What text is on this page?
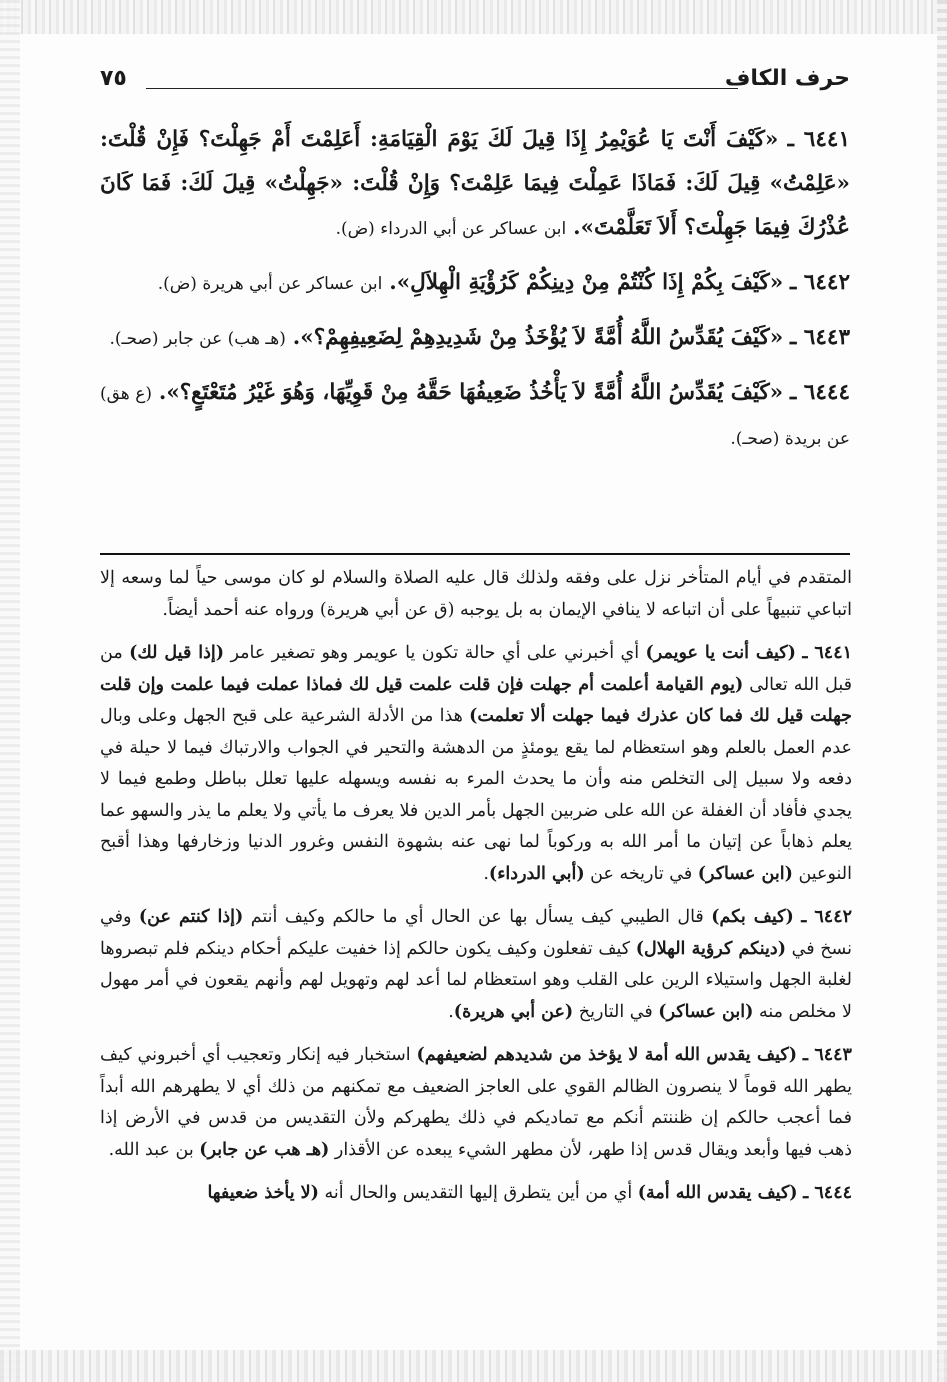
حرف الكاف
٧٥

٦٤٤١ ـ «كَيْفَ أَنْتَ يَا عُوَيْمِرُ إِذَا قِيلَ لَكَ يَوْمَ الْقِيَامَةِ: أَعَلِمْتَ أَمْ جَهِلْتَ؟ فَإِنْ قُلْتَ: «عَلِمْتُ» قِيلَ لَكَ: فَمَاذَا عَمِلْتَ فِيمَا عَلِمْتَ؟ وَإِنْ قُلْتَ: «جَهِلْتُ» قِيلَ لَكَ: فَمَا كَانَ عُذْرُكَ فِيمَا جَهِلْتَ؟ أَلاَ تَعَلَّمْتَ». ابن عساكر عن أبي الدرداء (ض).

٦٤٤٢ ـ «كَيْفَ بِكُمْ إِذَا كُنْتُمْ مِنْ دِينِكُمْ كَرُؤْيَةِ الْهِلاَلِ». ابن عساكر عن أبي هريرة (ض).

٦٤٤٣ ـ «كَيْفَ يُقَدِّسُ اللَّهُ أُمَّةً لاَ يُؤْخَذُ مِنْ شَدِيدِهِمْ لِضَعِيفِهِمْ؟». (هـ هب) عن جابر (صحـ).

٦٤٤٤ ـ «كَيْفَ يُقَدِّسُ اللَّهُ أُمَّةً لاَ يَأْخُذُ ضَعِيفُهَا حَقَّهُ مِنْ قَوِيِّهَا، وَهُوَ غَيْرُ مُتَعْتَعٍ؟». (ع هق) عن بريدة (صحـ).

المتقدم في أيام المتأخر نزل على وفقه ولذلك قال عليه الصلاة والسلام لو كان موسى حياً لما وسعه إلا اتباعي تنبيهاً على أن اتباعه لا ينافي الإيمان به بل يوجبه (ق عن أبي هريرة) ورواه عنه أحمد أيضاً.

٦٤٤١ ـ (كيف أنت يا عويمر) أي أخبرني على أي حالة تكون يا عويمر وهو تصغير عامر (إذا قيل لك) من قبل الله تعالى (يوم القيامة أعلمت أم جهلت فإن قلت علمت قيل لك فماذا عملت فيما علمت وإن قلت جهلت قيل لك فما كان عذرك فيما جهلت ألا تعلمت) هذا من الأدلة الشرعية على قبح الجهل وعلى وبال عدم العمل بالعلم وهو استعظام لما يقع يومئذٍ من الدهشة والتحير في الجواب والارتباك فيما لا حيلة في دفعه ولا سبيل إلى التخلص منه وأن ما يحدث المرء به نفسه ويسهله عليها تعلل بباطل وطمع فيما لا يجدي فأفاد أن الغفلة عن الله على ضربين الجهل بأمر الدين فلا يعرف ما يأتي ولا يعلم ما يذر والسهو عما يعلم ذهاباً عن إتيان ما أمر الله به وركوباً لما نهى عنه بشهوة النفس وغرور الدنيا وزخارفها وهذا أقبح النوعين (ابن عساكر) في تاريخه عن (أبي الدرداء).

٦٤٤٢ ـ (كيف بكم) قال الطيبي كيف يسأل بها عن الحال أي ما حالكم وكيف أنتم (إذا كنتم عن) وفي نسخ في (دينكم كرؤية الهلال) كيف تفعلون وكيف يكون حالكم إذا خفيت عليكم أحكام دينكم فلم تبصروها لغلبة الجهل واستيلاء الرين على القلب وهو استعظام لما أعد لهم وتهويل لهم وأنهم يقعون في أمر مهول لا مخلص منه (ابن عساكر) في التاريخ (عن أبي هريرة).

٦٤٤٣ ـ (كيف يقدس الله أمة لا يؤخذ من شديدهم لضعيفهم) استخبار فيه إنكار وتعجيب أي أخبروني كيف يطهر الله قوماً لا ينصرون الظالم القوي على العاجز الضعيف مع تمكنهم من ذلك أي لا يطهرهم الله أبداً فما أعجب حالكم إن ظننتم أنكم مع تماديكم في ذلك يطهركم ولأن التقديس من قدس في الأرض إذا ذهب فيها وأبعد ويقال قدس إذا طهر، لأن مطهر الشيء يبعده عن الأقذار (هـ هب عن جابر) بن عبد الله.

٦٤٤٤ ـ (كيف يقدس الله أمة) أي من أين يتطرق إليها التقديس والحال أنه (لا يأخذ ضعيفها
